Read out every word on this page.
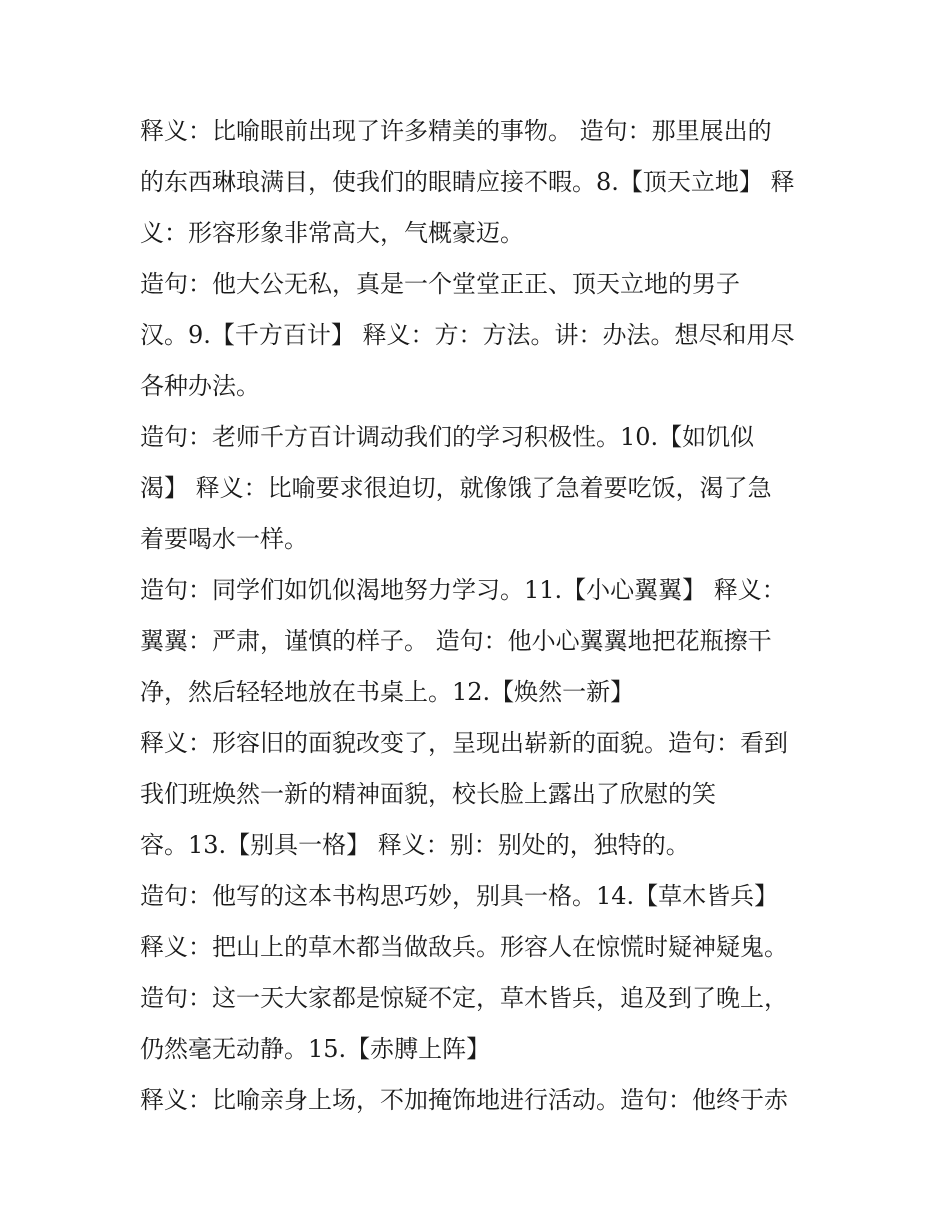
释义：比喻眼前出现了许多精美的事物。 造句：那里展出的
的东西琳琅满目，使我们的眼睛应接不暇。8.【顶天立地】 释
义：形容形象非常高大，气概豪迈。
造句：他大公无私，真是一个堂堂正正、顶天立地的男子
汉。9.【千方百计】 释义：方：方法。讲：办法。想尽和用尽
各种办法。
造句：老师千方百计调动我们的学习积极性。10.【如饥似
渴】 释义：比喻要求很迫切，就像饿了急着要吃饭，渴了急
着要喝水一样。
造句：同学们如饥似渴地努力学习。11.【小心翼翼】 释义：
翼翼：严肃，谨慎的样子。 造句：他小心翼翼地把花瓶擦干
净，然后轻轻地放在书桌上。12.【焕然一新】
释义：形容旧的面貌改变了，呈现出崭新的面貌。造句：看到
我们班焕然一新的精神面貌，校长脸上露出了欣慰的笑
容。13.【别具一格】 释义：别：别处的，独特的。
造句：他写的这本书构思巧妙，别具一格。14.【草木皆兵】
释义：把山上的草木都当做敌兵。形容人在惊慌时疑神疑鬼。
造句：这一天大家都是惊疑不定，草木皆兵，追及到了晚上，
仍然毫无动静。15.【赤膊上阵】
释义：比喻亲身上场，不加掩饰地进行活动。造句：他终于赤
